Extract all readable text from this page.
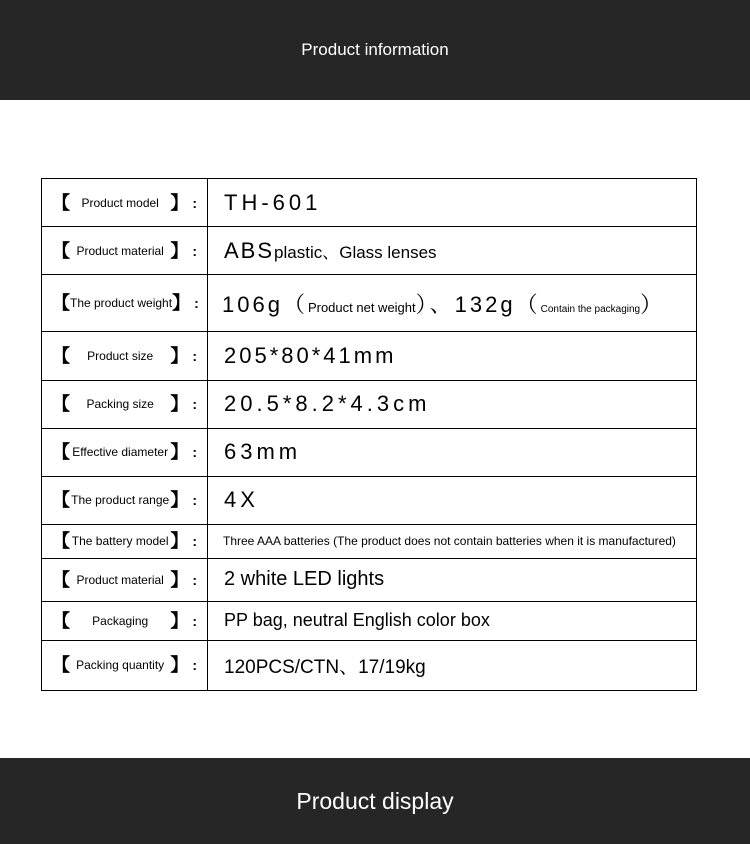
Product information
【 Product model 】 :	TH-601

【 Product material 】 :	ABSplastic、Glass lenses

【 The product weight 】 :	106g（Product net weight）、132g（Contain the packaging）

【 Product size 】 :	205*80*41mm

【 Packing size 】 :	20.5*8.2*4.3cm

【 Effective diameter 】 :	63mm

【 The product range 】 :	4X

【 The battery model 】 :	Three AAA batteries (The product does not contain batteries when it is manufactured)

【 Product material 】 :	2 white LED lights

【 Packaging 】 :	PP bag, neutral English color box

【 Packing quantity 】 :	120PCS/CTN、17/19kg
Product display
